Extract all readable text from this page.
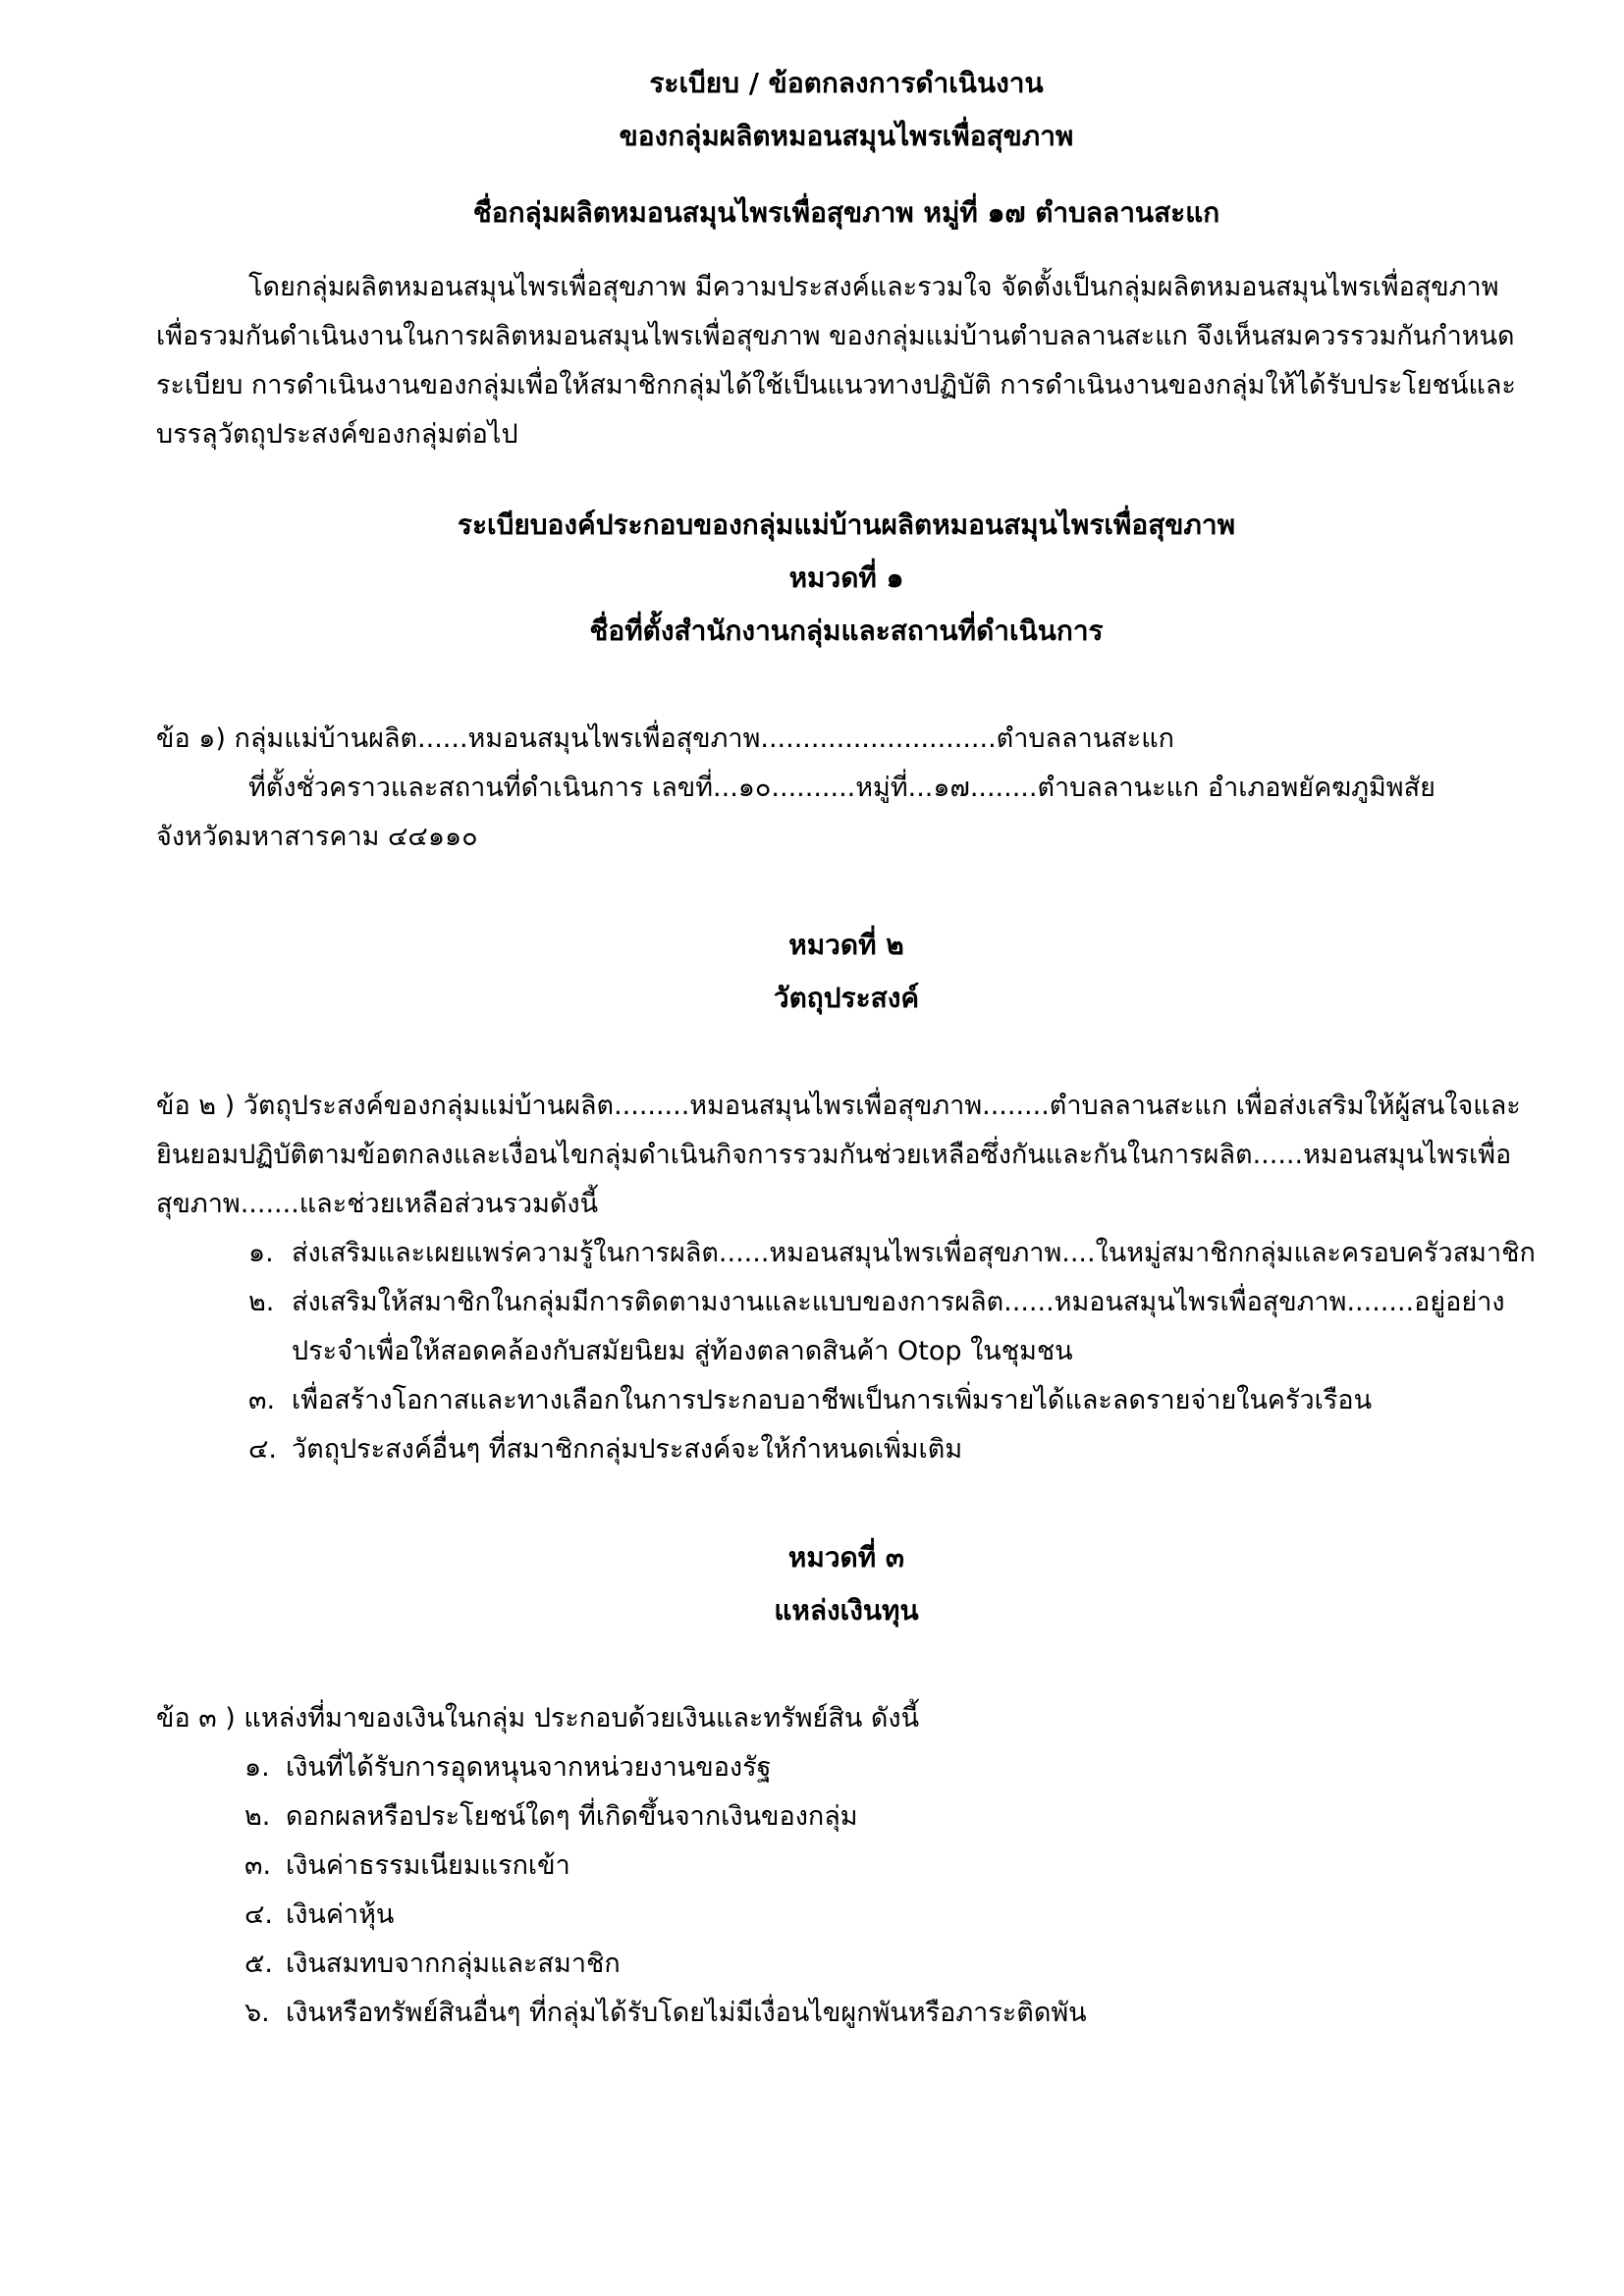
ระเบียบ / ข้อตกลงการดำเนินงาน
ของกลุ่มผลิตหมอนสมุนไพรเพื่อสุขภาพ
ชื่อกลุ่มผลิตหมอนสมุนไพรเพื่อสุขภาพ หมู่ที่ ๑๗ ตำบลลานสะแก

โดยกลุ่มผลิตหมอนสมุนไพรเพื่อสุขภาพ มีความประสงค์และรวมใจ จัดตั้งเป็นกลุ่มผลิตหมอนสมุนไพรเพื่อสุขภาพ เพื่อรวมกันดำเนินงานในการผลิตหมอนสมุนไพรเพื่อสุขภาพ ของกลุ่มแม่บ้านตำบลลานสะแก จึงเห็นสมควรรวมกันกำหนดระเบียบ การดำเนินงานของกลุ่มเพื่อให้สมาชิกกลุ่มได้ใช้เป็นแนวทางปฏิบัติ การดำเนินงานของกลุ่มให้ได้รับประโยชน์และบรรลุวัตถุประสงค์ของกลุ่มต่อไป

ระเบียบองค์ประกอบของกลุ่มแม่บ้านผลิตหมอนสมุนไพรเพื่อสุขภาพ
หมวดที่ ๑
ชื่อที่ตั้งสำนักงานกลุ่มและสถานที่ดำเนินการ
ข้อ ๑) กลุ่มแม่บ้านผลิต......หมอนสมุนไพรเพื่อสุขภาพ............................ตำบลลานสะแก
ที่ตั้งชั่วคราวและสถานที่ดำเนินการ เลขที่...๑๐..........หมู่ที่...๑๗........ตำบลลานะแก อำเภอพยัคฆภูมิพสัย
จังหวัดมหาสารคาม ๔๔๑๑๐
หมวดที่ ๒
วัตถุประสงค์

ข้อ ๒ ) วัตถุประสงค์ของกลุ่มแม่บ้านผลิต.........หมอนสมุนไพรเพื่อสุขภาพ........ตำบลลานสะแก เพื่อส่งเสริมให้ผู้สนใจและยินยอมปฏิบัติตามข้อตกลงและเงื่อนไขกลุ่มดำเนินกิจการรวมกันช่วยเหลือซึ่งกันและกันในการผลิต......หมอนสมุนไพรเพื่อสุขภาพ.......และช่วยเหลือส่วนรวมดังนี้

๑. ส่งเสริมและเผยแพร่ความรู้ในการผลิต......หมอนสมุนไพรเพื่อสุขภาพ....ในหมู่สมาชิกกลุ่มและครอบครัวสมาชิก
๒. ส่งเสริมให้สมาชิกในกลุ่มมีการติดตามงานและแบบของการผลิต......หมอนสมุนไพรเพื่อสุขภาพ........อยู่อย่างประจำเพื่อให้สอดคล้องกับสมัยนิยม สู่ท้องตลาดสินค้า Otop ในชุมชน
๓. เพื่อสร้างโอกาสและทางเลือกในการประกอบอาชีพเป็นการเพิ่มรายได้และลดรายจ่ายในครัวเรือน
๔. วัตถุประสงค์อื่นๆ ที่สมาชิกกลุ่มประสงค์จะให้กำหนดเพิ่มเติม
หมวดที่ ๓
แหล่งเงินทุน
ข้อ ๓ ) แหล่งที่มาของเงินในกลุ่ม ประกอบด้วยเงินและทรัพย์สิน ดังนี้
๑. เงินที่ได้รับการอุดหนุนจากหน่วยงานของรัฐ
๒. ดอกผลหรือประโยชน์ใดๆ ที่เกิดขึ้นจากเงินของกลุ่ม
๓. เงินค่าธรรมเนียมแรกเข้า
๔. เงินค่าหุ้น
๕. เงินสมทบจากกลุ่มและสมาชิก
๖. เงินหรือทรัพย์สินอื่นๆ ที่กลุ่มได้รับโดยไม่มีเงื่อนไขผูกพันหรือภาระติดพัน
